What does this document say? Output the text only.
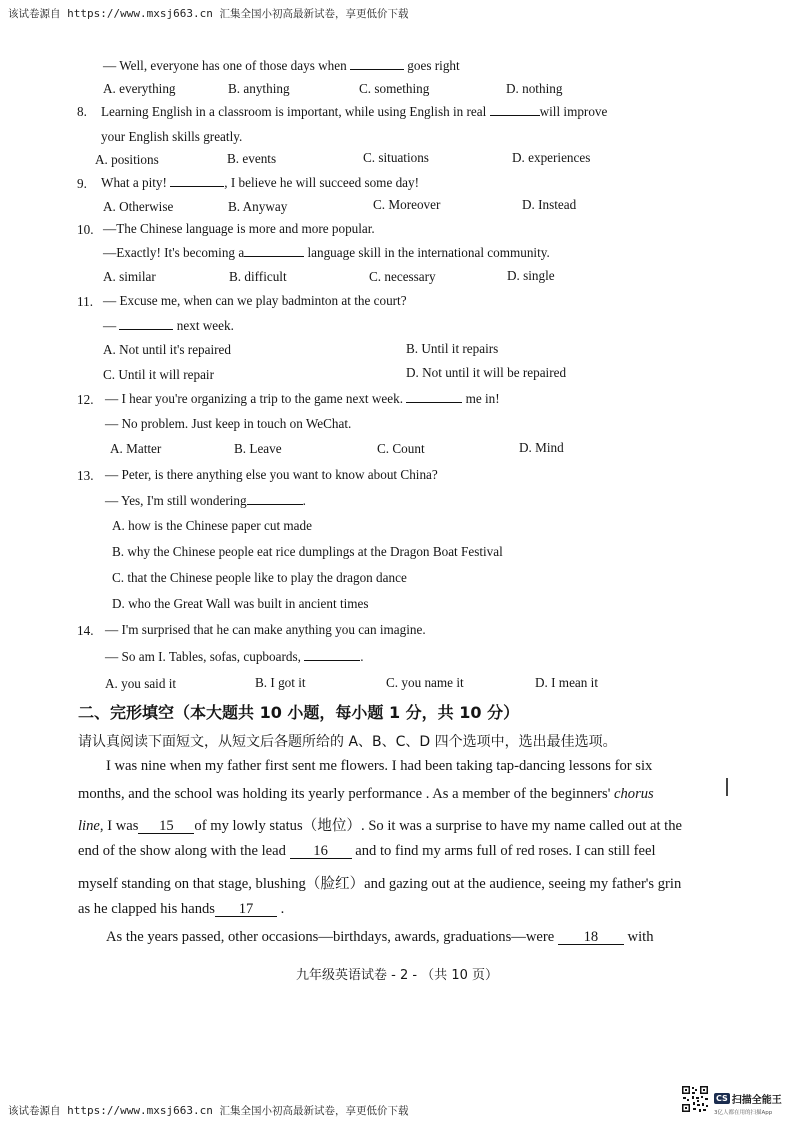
该试卷源自 https://www.mxsj663.cn 汇集全国小初高最新试卷，享更低价下载
— Well, everyone has one of those days when	goes right
A. everything	B. anything	C. something	D. nothing
8. Learning English in a classroom is important, while using English in real	will improve
your English skills greatly.
A. positions	B. events	C. situations	D. experiences
9. What a pity!	, I believe he will succeed some day!
A. Otherwise	B. Anyway	C. Moreover	D. Instead
10. —The Chinese language is more and more popular.
—Exactly! It's becoming a	language skill in the international community.
A. similar	B. difficult	C. necessary	D. single
11. — Excuse me, when can we play badminton at the court?
—	next week.
A. Not until it's repaired	B. Until it repairs
C. Until it will repair	D. Not until it will be repaired
12. — I hear you're organizing a trip to the game next week.	me in!
— No problem. Just keep in touch on WeChat.
A. Matter	B. Leave	C. Count	D. Mind
13. — Peter, is there anything else you want to know about China?
— Yes, I'm still wondering	.
A. how is the Chinese paper cut made
B. why the Chinese people eat rice dumplings at the Dragon Boat Festival
C. that the Chinese people like to play the dragon dance
D. who the Great Wall was built in ancient times
14. — I'm surprised that he can make anything you can imagine.
— So am I. Tables, sofas, cupboards,	.
A. you said it	B. I got it	C. you name it	D. I mean it
二、完形填空（本大题共 10 小题，每小题 1 分，共 10 分）
请认真阅读下面短文，从短文后各题所给的 A、B、C、D 四个选项中，选出最佳选项。
I was nine when my father first sent me flowers. I had been taking tap-dancing lessons for six
months, and the school was holding its yearly performance . As a member of the beginners' chorus
line, I was 15 of my lowly status（地位）. So it was a surprise to have my name called out at the
end of the show along with the lead 16 and to find my arms full of red roses. I can still feel
myself standing on that stage, blushing（脸红）and gazing out at the audience, seeing my father's grin
as he clapped his hands 17 .
As the years passed, other occasions—birthdays, awards, graduations—were 18 with
九年级英语试卷 - 2 - （共 10 页）
该试卷源自 https://www.mxsj663.cn 汇集全国小初高最新试卷，享更低价下载
CS 扫描全能王
3亿人都在用的扫描App
